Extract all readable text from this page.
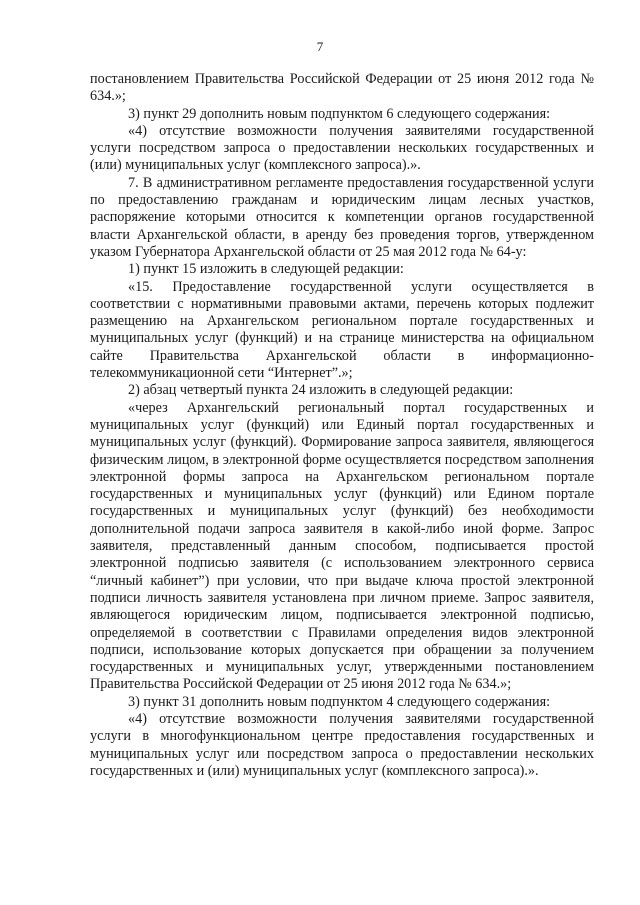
7

постановлением Правительства Российской Федерации от 25 июня 2012 года № 634.»;

3) пункт 29 дополнить новым подпунктом 6 следующего содержания:

«4) отсутствие возможности получения заявителями государственной услуги посредством запроса о предоставлении нескольких государственных и (или) муниципальных услуг (комплексного запроса).».

7. В административном регламенте предоставления государственной услуги по предоставлению гражданам и юридическим лицам лесных участков, распоряжение которыми относится к компетенции органов государственной власти Архангельской области, в аренду без проведения торгов, утвержденном указом Губернатора Архангельской области от 25 мая 2012 года № 64-у:

1) пункт 15 изложить в следующей редакции:

«15. Предоставление государственной услуги осуществляется в соответствии с нормативными правовыми актами, перечень которых подлежит размещению на Архангельском региональном портале государственных и муниципальных услуг (функций) и на странице министерства на официальном сайте Правительства Архангельской области в информационно-телекоммуникационной сети “Интернет”.»;

2) абзац четвертый пункта 24 изложить в следующей редакции:

«через Архангельский региональный портал государственных и муниципальных услуг (функций) или Единый портал государственных и муниципальных услуг (функций). Формирование запроса заявителя, являющегося физическим лицом, в электронной форме осуществляется посредством заполнения электронной формы запроса на Архангельском региональном портале государственных и муниципальных услуг (функций) или Едином портале государственных и муниципальных услуг (функций) без необходимости дополнительной подачи запроса заявителя в какой-либо иной форме. Запрос заявителя, представленный данным способом, подписывается простой электронной подписью заявителя (с использованием электронного сервиса “личный кабинет”) при условии, что при выдаче ключа простой электронной подписи личность заявителя установлена при личном приеме. Запрос заявителя, являющегося юридическим лицом, подписывается электронной подписью, определяемой в соответствии с Правилами определения видов электронной подписи, использование которых допускается при обращении за получением государственных и муниципальных услуг, утвержденными постановлением Правительства Российской Федерации от 25 июня 2012 года № 634.»;

3) пункт 31 дополнить новым подпунктом 4 следующего содержания:

«4) отсутствие возможности получения заявителями государственной услуги в многофункциональном центре предоставления государственных и муниципальных услуг или посредством запроса о предоставлении нескольких государственных и (или) муниципальных услуг (комплексного запроса).».
